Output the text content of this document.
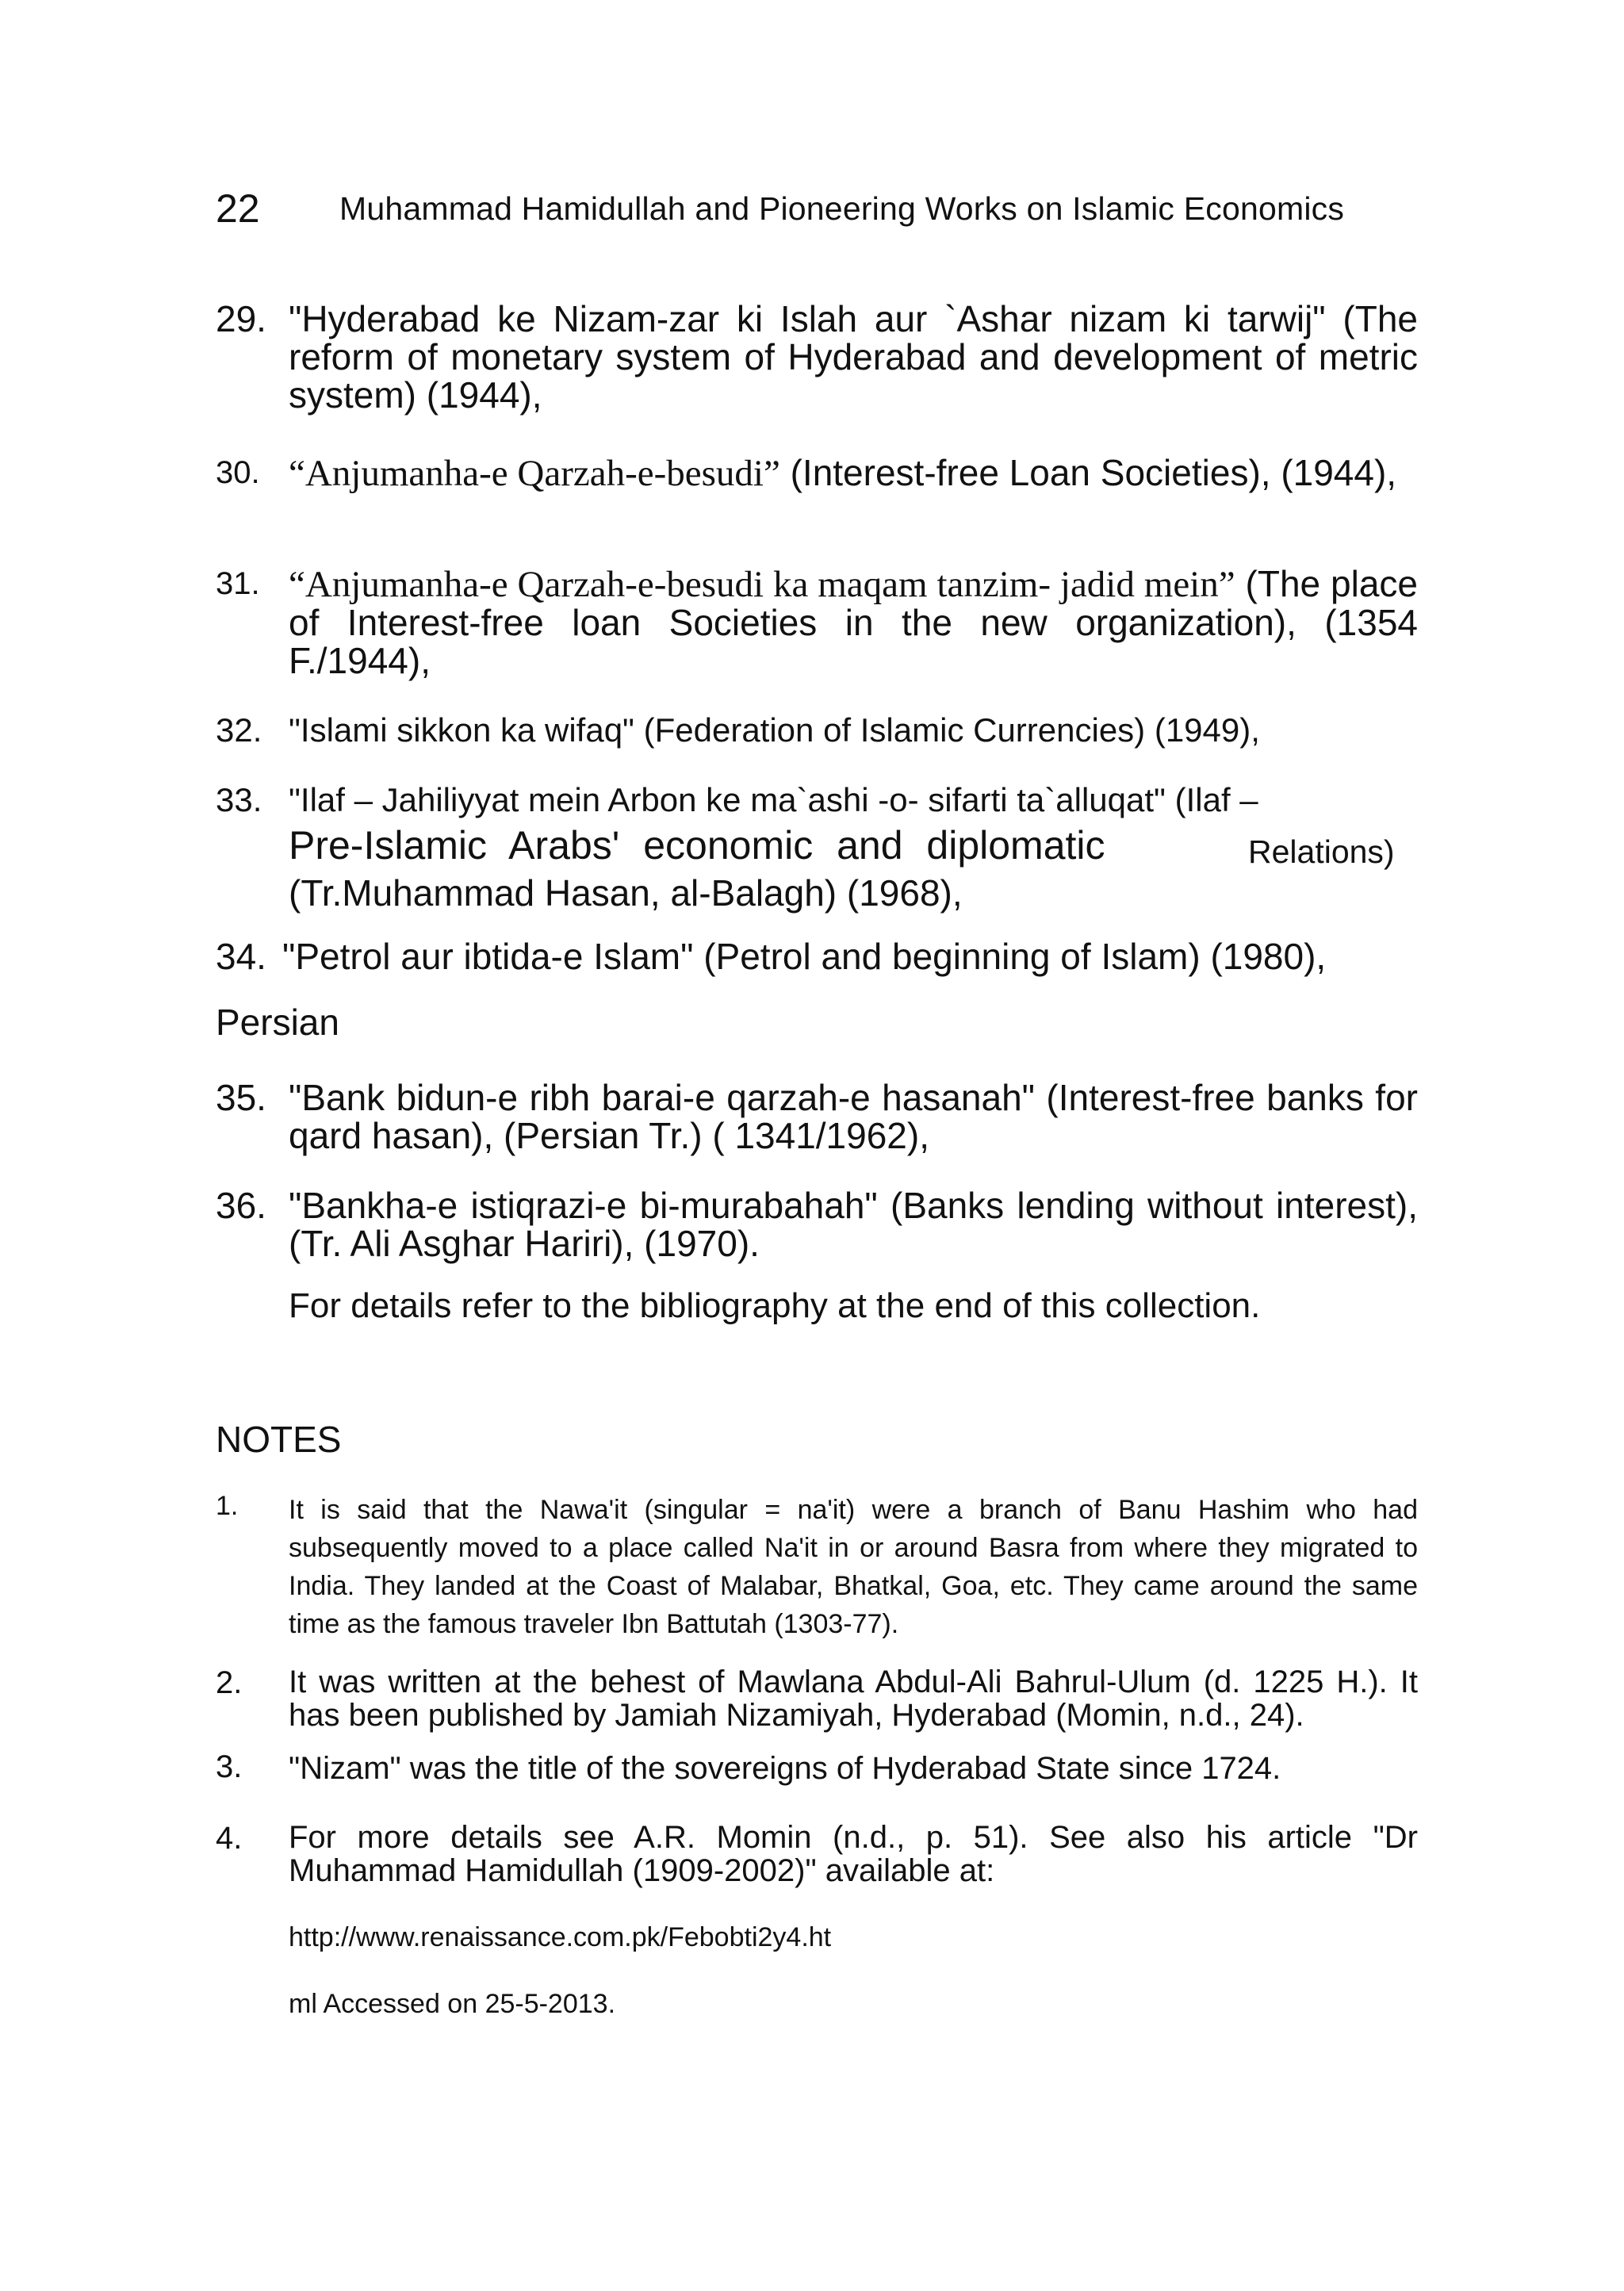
22 Muhammad Hamidullah and Pioneering Works on Islamic Economics
29. "Hyderabad ke Nizam-zar ki Islah aur `Ashar nizam ki tarwij" (The reform of monetary system of Hyderabad and development of metric system) (1944),
30. “Anjumanha-e Qarzah-e-besudi” (Interest-free Loan Societies), (1944),
31. “Anjumanha-e Qarzah-e-besudi ka maqam tanzim- jadid mein” (The place of Interest-free loan Societies in the new organization), (1354 F./1944),
32. "Islami sikkon ka wifaq" (Federation of Islamic Currencies) (1949),
33. "Ilaf – Jahiliyyat mein Arbon ke ma`ashi -o- sifarti ta`alluqat" (Ilaf –
Pre-Islamic Arabs' economic and diplomatic	Relations)
(Tr.Muhammad Hasan, al-Balagh) (1968),
34. "Petrol aur ibtida-e Islam" (Petrol and beginning of Islam) (1980),
Persian
35. "Bank bidun-e ribh barai-e qarzah-e hasanah" (Interest-free banks for qard hasan), (Persian Tr.) ( 1341/1962),
36. "Bankha-e istiqrazi-e bi-murabahah" (Banks lending without interest), (Tr. Ali Asghar Hariri), (1970).
For details refer to the bibliography at the end of this collection.
NOTES
1. It is said that the Nawa'it (singular = na'it) were a branch of Banu Hashim who had subsequently moved to a place called Na'it in or around Basra from where they migrated to India. They landed at the Coast of Malabar, Bhatkal, Goa, etc. They came around the same time as the famous traveler Ibn Battutah (1303-77).
2. It was written at the behest of Mawlana Abdul-Ali Bahrul-Ulum (d. 1225 H.). It has been published by Jamiah Nizamiyah, Hyderabad (Momin, n.d., 24).
3. "Nizam" was the title of the sovereigns of Hyderabad State since 1724.
4. For more details see A.R. Momin (n.d., p. 51). See also his article "Dr Muhammad Hamidullah (1909-2002)" available at:
http://www.renaissance.com.pk/Febobti2y4.ht
ml Accessed on 25-5-2013.
